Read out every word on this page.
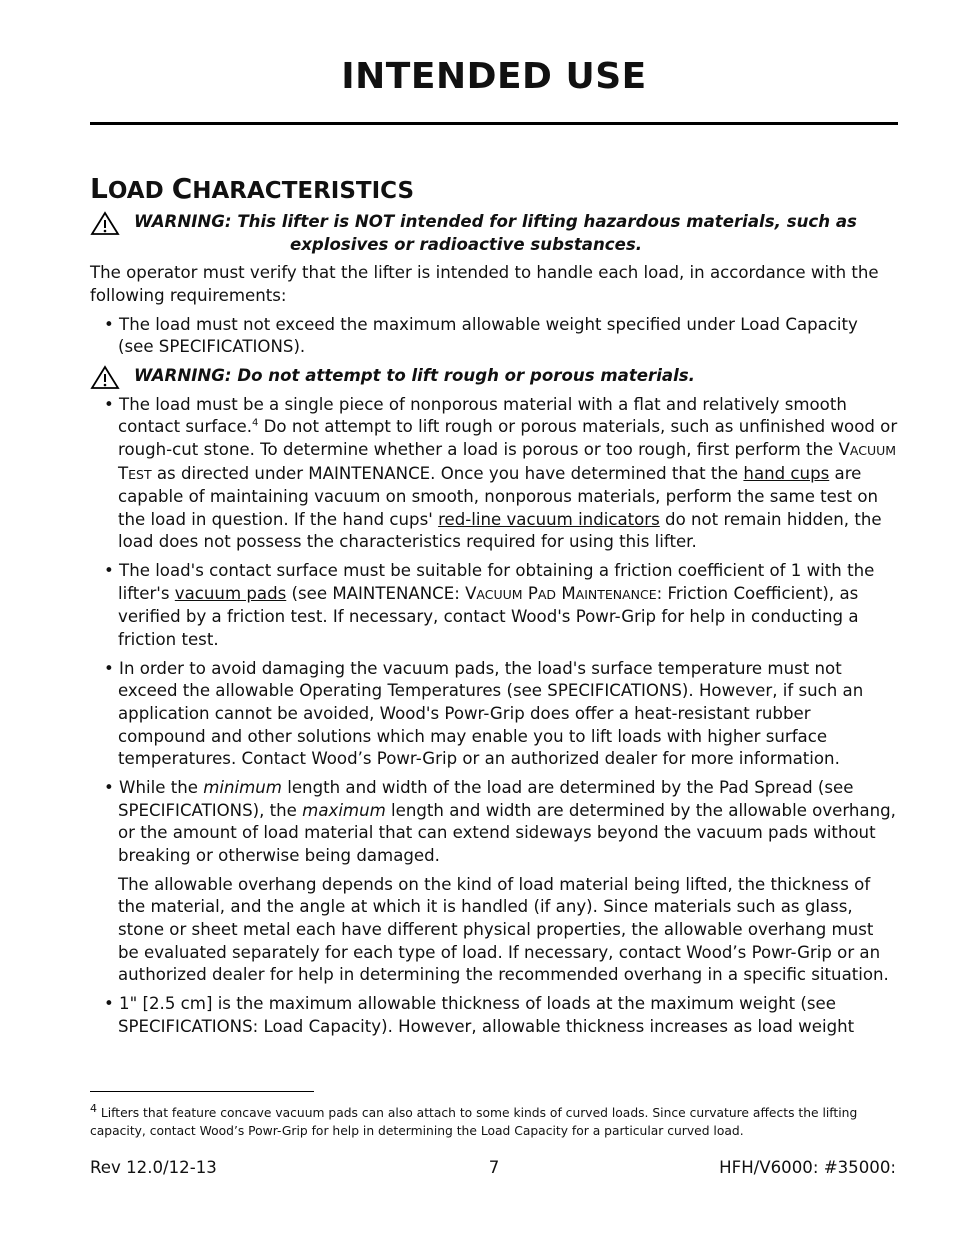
INTENDED USE
LOAD CHARACTERISTICS
WARNING: This lifter is NOT intended for lifting hazardous materials, such as
explosives or radioactive substances.

The operator must verify that the lifter is intended to handle each load, in accordance with the following requirements:

• The load must not exceed the maximum allowable weight specified under Load Capacity (see SPECIFICATIONS).

WARNING: Do not attempt to lift rough or porous materials.

• The load must be a single piece of nonporous material with a flat and relatively smooth contact surface.$^4$ Do not attempt to lift rough or porous materials, such as unfinished wood or rough-cut stone. To determine whether a load is porous or too rough, first perform the VACUUM TEST as directed under MAINTENANCE. Once you have determined that the hand cups are capable of maintaining vacuum on smooth, nonporous materials, perform the same test on the load in question. If the hand cups' red-line vacuum indicators do not remain hidden, the load does not possess the characteristics required for using this lifter.

• The load's contact surface must be suitable for obtaining a friction coefficient of 1 with the lifter's vacuum pads (see MAINTENANCE: VACUUM PAD MAINTENANCE: Friction Coefficient), as verified by a friction test. If necessary, contact Wood's Powr-Grip for help in conducting a friction test.

• In order to avoid damaging the vacuum pads, the load's surface temperature must not exceed the allowable Operating Temperatures (see SPECIFICATIONS). However, if such an application cannot be avoided, Wood's Powr-Grip does offer a heat-resistant rubber compound and other solutions which may enable you to lift loads with higher surface temperatures. Contact Wood’s Powr-Grip or an authorized dealer for more information.

• While the minimum length and width of the load are determined by the Pad Spread (see SPECIFICATIONS), the maximum length and width are determined by the allowable overhang, or the amount of load material that can extend sideways beyond the vacuum pads without breaking or otherwise being damaged.

The allowable overhang depends on the kind of load material being lifted, the thickness of the material, and the angle at which it is handled (if any). Since materials such as glass, stone or sheet metal each have different physical properties, the allowable overhang must be evaluated separately for each type of load. If necessary, contact Wood’s Powr-Grip or an authorized dealer for help in determining the recommended overhang in a specific situation.

• 1" [2.5 cm] is the maximum allowable thickness of loads at the maximum weight (see SPECIFICATIONS: Load Capacity). However, allowable thickness increases as load weight

$^4$ Lifters that feature concave vacuum pads can also attach to some kinds of curved loads. Since curvature affects the lifting capacity, contact Wood’s Powr-Grip for help in determining the Load Capacity for a particular curved load.
Rev 12.0/12-13	7	HFH/V6000: #35000:
